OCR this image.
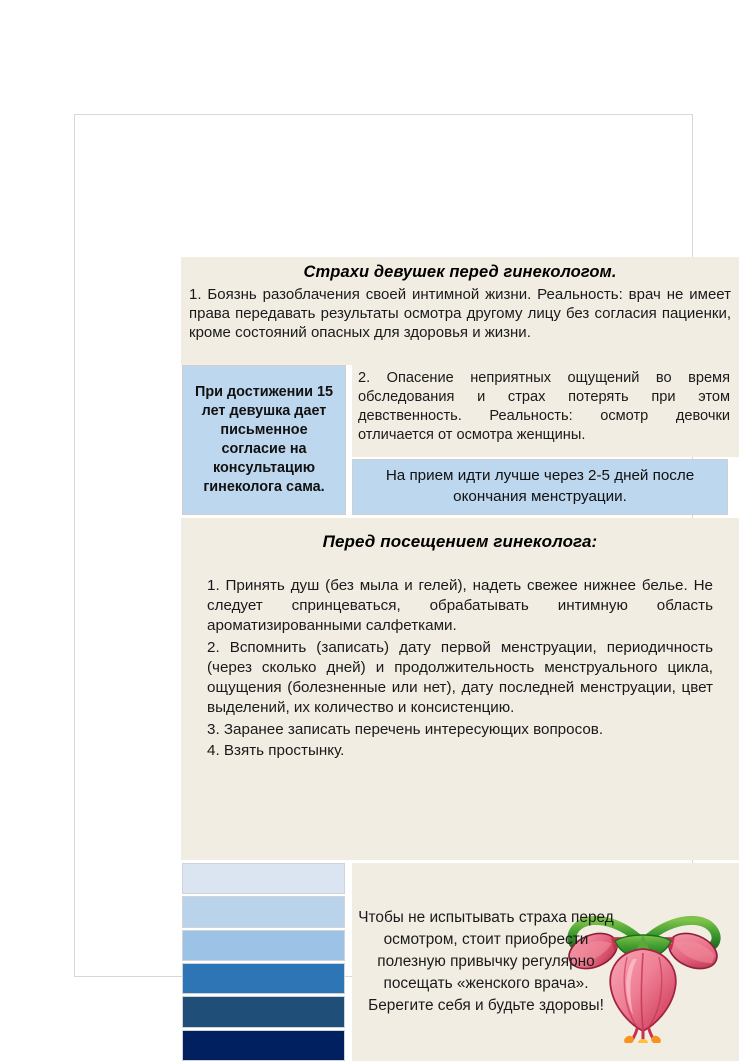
Страхи девушек перед гинекологом.

1. Боязнь разоблачения своей интимной жизни. Реальность: врач не имеет права передавать результаты осмотра другому лицу без согласия пациенки, кроме состояний опасных для здоровья и жизни.

При достижении 15 лет девушка дает письменное согласие на консультацию гинеколога сама.

2. Опасение неприятных ощущений во время обследования и страх потерять при этом девственность. Реальность: осмотр девочки отличается от осмотра женщины.

На прием идти лучше через 2-5 дней после окончания менструации.
Перед посещением гинеколога:

1. Принять душ (без мыла и гелей), надеть свежее нижнее белье. Не следует спринцеваться, обрабатывать интимную область ароматизированными салфетками.

2. Вспомнить (записать) дату первой менструации, периодичность (через сколько дней) и продолжительность менструального цикла, ощущения (болезненные или нет), дату последней менструации, цвет выделений, их количество и консистенцию.

3. Заранее записать перечень интересующих вопросов.

4. Взять простынку.

Чтобы не испытывать страха перед осмотром, стоит приобрести полезную привычку регулярно посещать «женского врача». Берегите себя и будьте здоровы!
